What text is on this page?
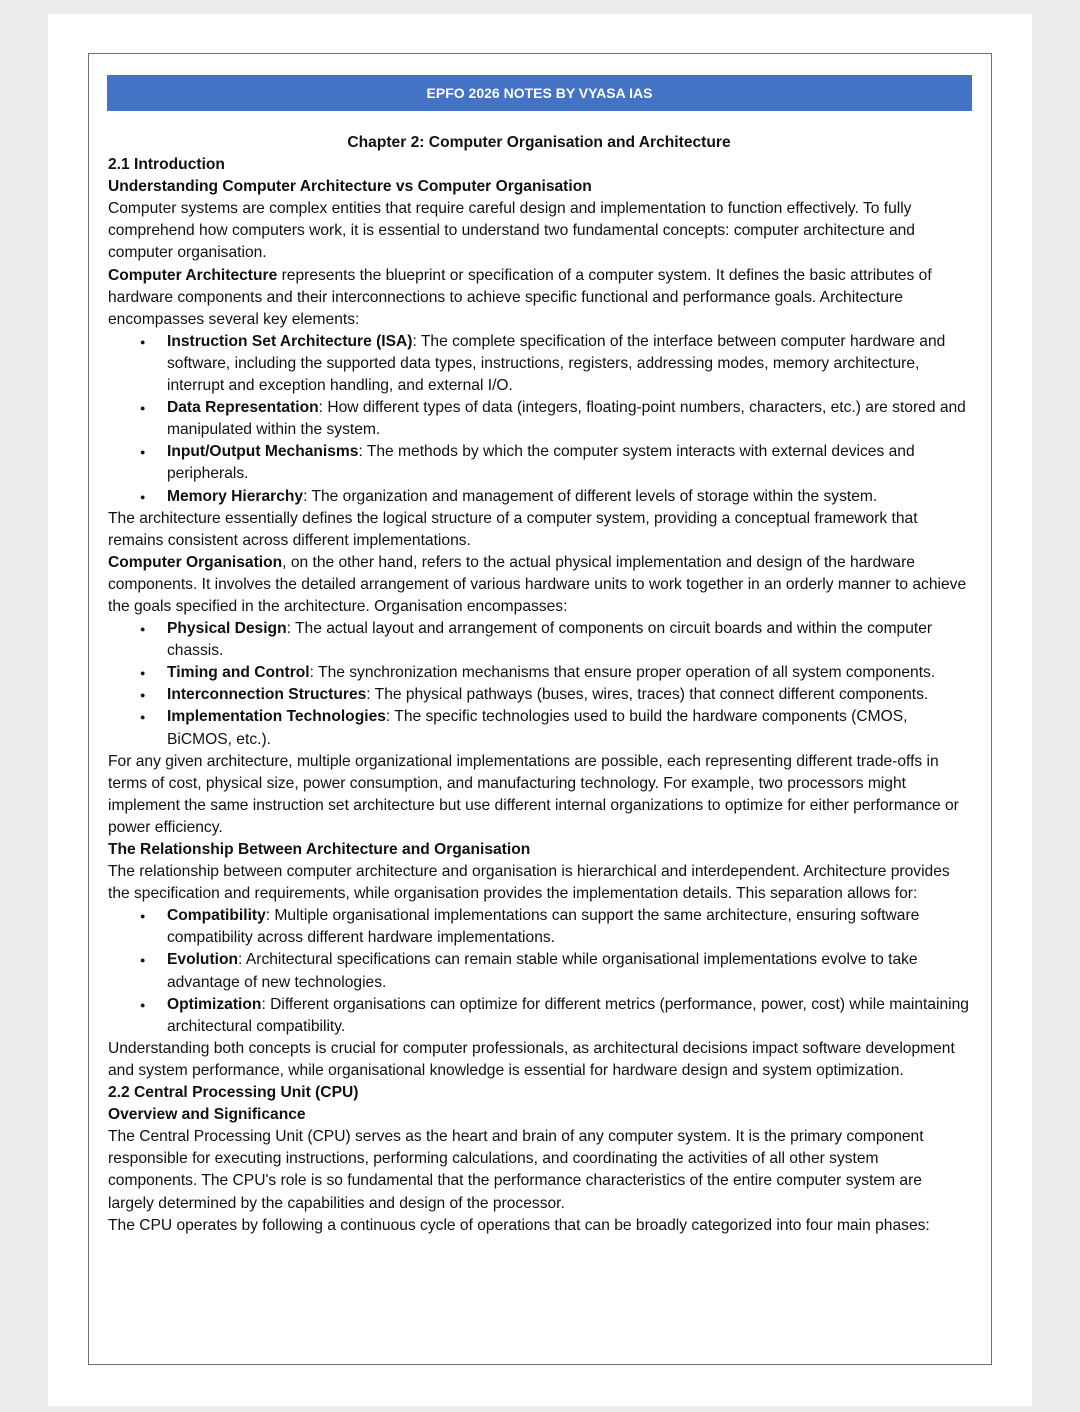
EPFO 2026 NOTES BY VYASA IAS

Chapter 2: Computer Organisation and Architecture

2.1 Introduction

Understanding Computer Architecture vs Computer Organisation

Computer systems are complex entities that require careful design and implementation to function effectively. To fully comprehend how computers work, it is essential to understand two fundamental concepts: computer architecture and computer organisation.

Computer Architecture represents the blueprint or specification of a computer system. It defines the basic attributes of hardware components and their interconnections to achieve specific functional and performance goals. Architecture encompasses several key elements:

● Instruction Set Architecture (ISA): The complete specification of the interface between computer hardware and software, including the supported data types, instructions, registers, addressing modes, memory architecture, interrupt and exception handling, and external I/O.
● Data Representation: How different types of data (integers, floating-point numbers, characters, etc.) are stored and manipulated within the system.
● Input/Output Mechanisms: The methods by which the computer system interacts with external devices and peripherals.
● Memory Hierarchy: The organization and management of different levels of storage within the system.

The architecture essentially defines the logical structure of a computer system, providing a conceptual framework that remains consistent across different implementations.

Computer Organisation, on the other hand, refers to the actual physical implementation and design of the hardware components. It involves the detailed arrangement of various hardware units to work together in an orderly manner to achieve the goals specified in the architecture. Organisation encompasses:

● Physical Design: The actual layout and arrangement of components on circuit boards and within the computer chassis.
● Timing and Control: The synchronization mechanisms that ensure proper operation of all system components.
● Interconnection Structures: The physical pathways (buses, wires, traces) that connect different components.
● Implementation Technologies: The specific technologies used to build the hardware components (CMOS, BiCMOS, etc.).

For any given architecture, multiple organizational implementations are possible, each representing different trade-offs in terms of cost, physical size, power consumption, and manufacturing technology. For example, two processors might implement the same instruction set architecture but use different internal organizations to optimize for either performance or power efficiency.

The Relationship Between Architecture and Organisation

The relationship between computer architecture and organisation is hierarchical and interdependent. Architecture provides the specification and requirements, while organisation provides the implementation details. This separation allows for:

● Compatibility: Multiple organisational implementations can support the same architecture, ensuring software compatibility across different hardware implementations.
● Evolution: Architectural specifications can remain stable while organisational implementations evolve to take advantage of new technologies.
● Optimization: Different organisations can optimize for different metrics (performance, power, cost) while maintaining architectural compatibility.

Understanding both concepts is crucial for computer professionals, as architectural decisions impact software development and system performance, while organisational knowledge is essential for hardware design and system optimization.

2.2 Central Processing Unit (CPU)

Overview and Significance

The Central Processing Unit (CPU) serves as the heart and brain of any computer system. It is the primary component responsible for executing instructions, performing calculations, and coordinating the activities of all other system components. The CPU's role is so fundamental that the performance characteristics of the entire computer system are largely determined by the capabilities and design of the processor.

The CPU operates by following a continuous cycle of operations that can be broadly categorized into four main phases:
